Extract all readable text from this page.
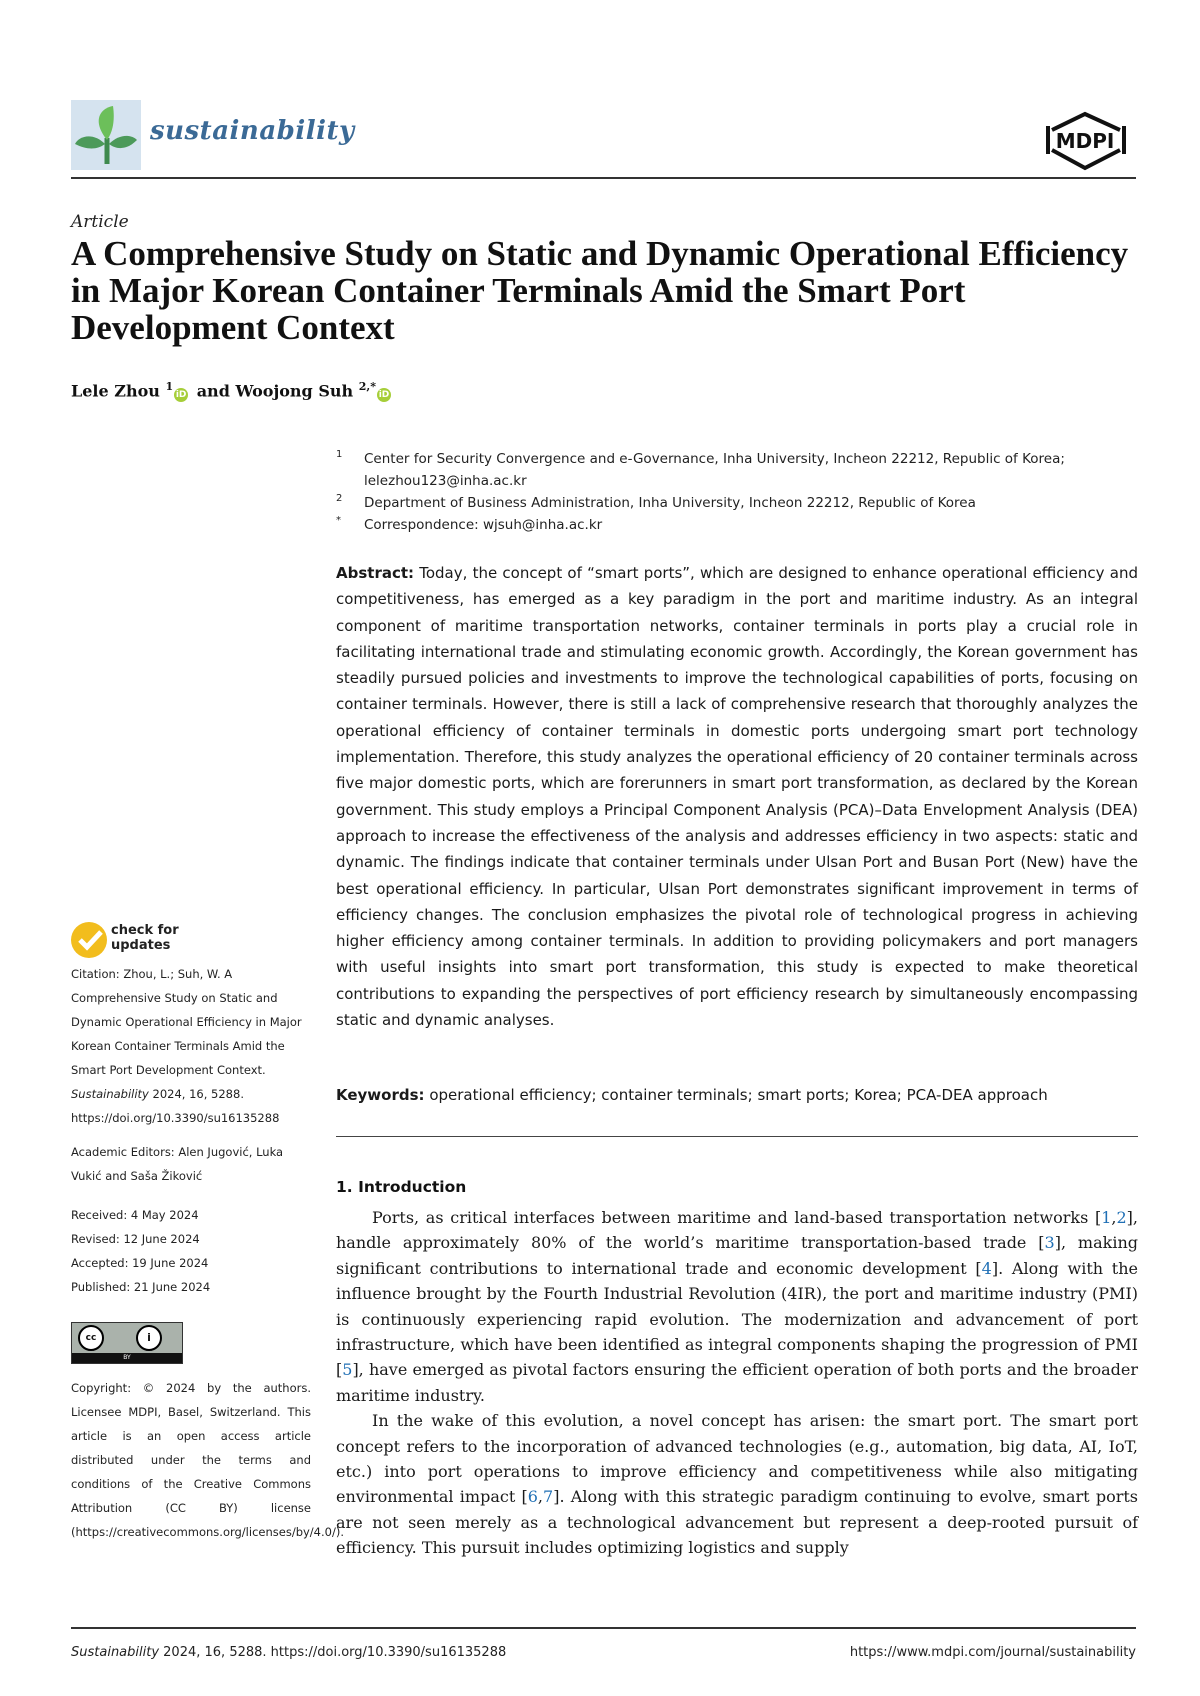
sustainability	MDPI
Article
A Comprehensive Study on Static and Dynamic Operational Efficiency in Major Korean Container Terminals Amid the Smart Port Development Context
Lele Zhou $^1$iD and Woojong Suh $^{2,*}$iD
1 Center for Security Convergence and e-Governance, Inha University, Incheon 22212, Republic of Korea; lelezhou123@inha.ac.kr
2 Department of Business Administration, Inha University, Incheon 22212, Republic of Korea
* Correspondence: wjsuh@inha.ac.kr
Abstract: Today, the concept of “smart ports”, which are designed to enhance operational efficiency and competitiveness, has emerged as a key paradigm in the port and maritime industry. As an integral component of maritime transportation networks, container terminals in ports play a crucial role in facilitating international trade and stimulating economic growth. Accordingly, the Korean government has steadily pursued policies and investments to improve the technological capabilities of ports, focusing on container terminals. However, there is still a lack of comprehensive research that thoroughly analyzes the operational efficiency of container terminals in domestic ports undergoing smart port technology implementation. Therefore, this study analyzes the operational efficiency of 20 container terminals across five major domestic ports, which are forerunners in smart port transformation, as declared by the Korean government. This study employs a Principal Component Analysis (PCA)–Data Envelopment Analysis (DEA) approach to increase the effectiveness of the analysis and addresses efficiency in two aspects: static and dynamic. The findings indicate that container terminals under Ulsan Port and Busan Port (New) have the best operational efficiency. In particular, Ulsan Port demonstrates significant improvement in terms of efficiency changes. The conclusion emphasizes the pivotal role of technological progress in achieving higher efficiency among container terminals. In addition to providing policymakers and port managers with useful insights into smart port transformation, this study is expected to make theoretical contributions to expanding the perspectives of port efficiency research by simultaneously encompassing static and dynamic analyses.
Keywords: operational efficiency; container terminals; smart ports; Korea; PCA-DEA approach
1. Introduction

Ports, as critical interfaces between maritime and land-based transportation networks [1,2], handle approximately 80% of the world’s maritime transportation-based trade [3], making significant contributions to international trade and economic development [4]. Along with the influence brought by the Fourth Industrial Revolution (4IR), the port and maritime industry (PMI) is continuously experiencing rapid evolution. The modernization and advancement of port infrastructure, which have been identified as integral components shaping the progression of PMI [5], have emerged as pivotal factors ensuring the efficient operation of both ports and the broader maritime industry.

In the wake of this evolution, a novel concept has arisen: the smart port. The smart port concept refers to the incorporation of advanced technologies (e.g., automation, big data, AI, IoT, etc.) into port operations to improve efficiency and competitiveness while also mitigating environmental impact [6,7]. Along with this strategic paradigm continuing to evolve, smart ports are not seen merely as a technological advancement but represent a deep-rooted pursuit of efficiency. This pursuit includes optimizing logistics and supply

check for
updates
Citation: Zhou, L.; Suh, W. A Comprehensive Study on Static and Dynamic Operational Efficiency in Major Korean Container Terminals Amid the Smart Port Development Context. Sustainability 2024, 16, 5288. https://doi.org/10.3390/su16135288
Academic Editors: Alen Jugović, Luka Vukić and Saša Žiković
Received: 4 May 2024
Revised: 12 June 2024
Accepted: 19 June 2024
Published: 21 June 2024
cc	i
BY
Copyright: © 2024 by the authors. Licensee MDPI, Basel, Switzerland. This article is an open access article distributed under the terms and conditions of the Creative Commons Attribution (CC BY) license (https://creativecommons.org/licenses/by/4.0/).
Sustainability 2024, 16, 5288. https://doi.org/10.3390/su16135288	https://www.mdpi.com/journal/sustainability
